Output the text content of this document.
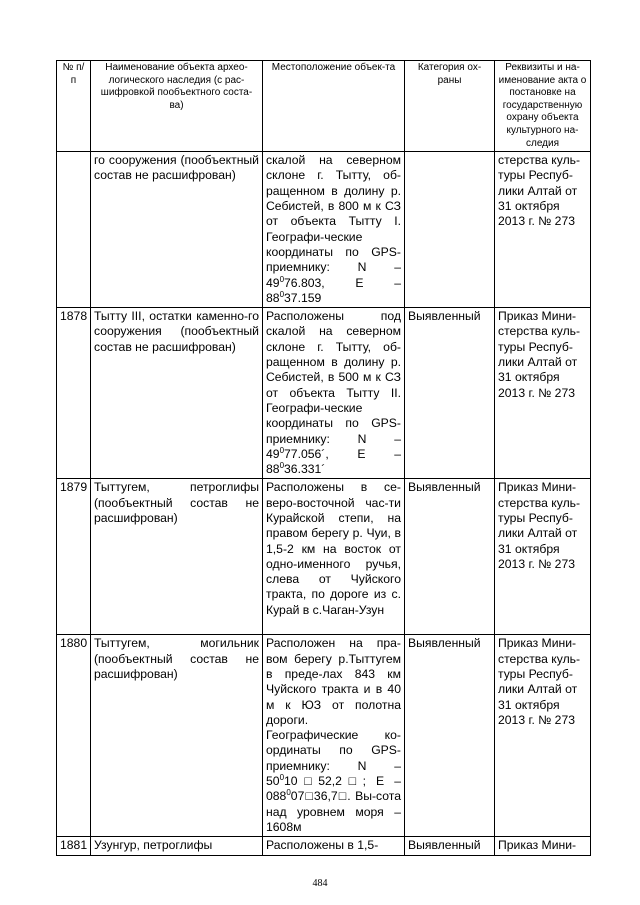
№ п/п	Наименование объекта архео-логического наследия (с рас-шифровкой пообъектного соста-ва)	Местоположение объек-та	Категория ох-раны	Реквизиты и на-именование акта о постановке на государственную охрану объекта культурного на-следия
	го сооружения (пообъектный состав не расшифрован)	скалой на северном склоне г. Тытту, об-ращенном в долину р. Себистей, в 800 м к СЗ от объекта Тытту I. Географи-ческие координаты по GPS-приемнику: N – $49^076.803$, Е – $88^037.159$		стерства куль-туры Респуб-лики Алтай от 31 октября 2013 г. № 273
1878	Тытту III, остатки каменно-го сооружения (пообъектный состав не расшифрован)	Расположены под скалой на северном склоне г. Тытту, об-ращенном в долину р. Себистей, в 500 м к СЗ от объекта Тытту II. Географи-ческие координаты по GPS-приемнику: N – $49^077.056´$, Е – $88^036.331´$	Выявленный	Приказ Мини-стерства куль-туры Респуб-лики Алтай от 31 октября 2013 г. № 273
1879	Тыттугем, петроглифы (пообъектный состав не расшифрован)	Расположены в се-веро-восточной час-ти Курайской степи, на правом берегу р. Чуи, в 1,5-2 км на восток от одно-именного ручья, слева от Чуйского тракта, по дороге из с. Курай в с.Чаган-Узун	Выявленный	Приказ Мини-стерства куль-туры Респуб-лики Алтай от 31 октября 2013 г. № 273
1880	Тыттугем, могильник (пообъектный состав не расшифрован)	Расположен на пра-вом берегу р.Тыттугем в преде-лах 843 км Чуйского тракта и в 40 м к ЮЗ от полотна дороги. Географические ко-ординаты по GPS-приемнику: N – $50^010□52,2□$; Е – $088^007□36,7□$. Вы-сота над уровнем моря – 1608м	Выявленный	Приказ Мини-стерства куль-туры Респуб-лики Алтай от 31 октября 2013 г. № 273
1881	Узунгур, петроглифы	Расположены в 1,5-	Выявленный	Приказ Мини-
484
